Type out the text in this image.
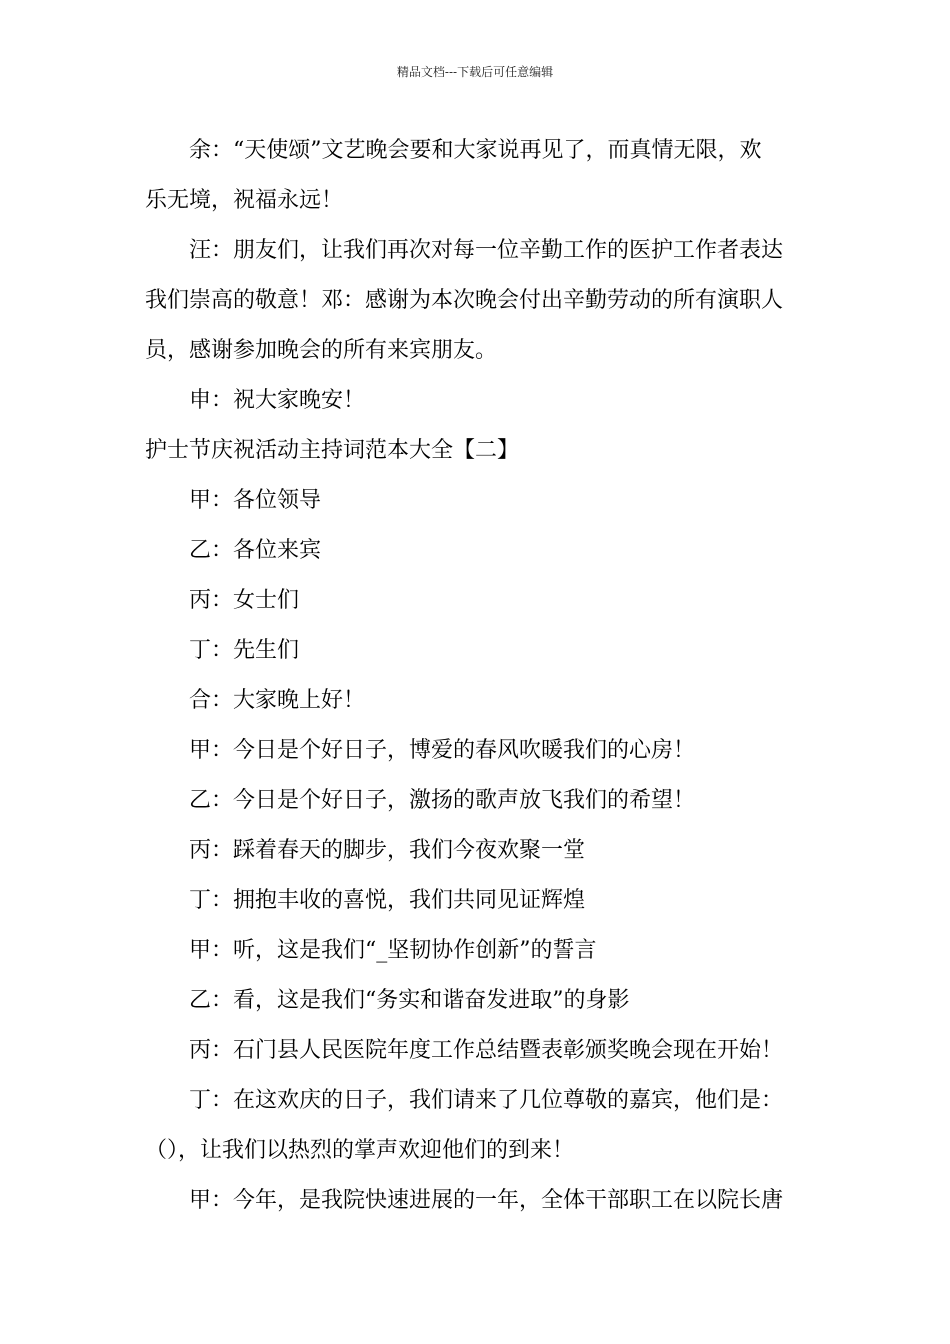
精品文档---下载后可任意编辑

余：“天使颂”文艺晚会要和大家说再见了，而真情无限，欢
乐无境，祝福永远！

汪：朋友们，让我们再次对每一位辛勤工作的医护工作者表达
我们崇高的敬意！邓：感谢为本次晚会付出辛勤劳动的所有演职人
员，感谢参加晚会的所有来宾朋友。

申：祝大家晚安！

护士节庆祝活动主持词范本大全【二】

甲：各位领导

乙：各位来宾

丙：女士们

丁：先生们

合：大家晚上好！

甲：今日是个好日子，博爱的春风吹暖我们的心房！

乙：今日是个好日子，激扬的歌声放飞我们的希望！

丙：踩着春天的脚步，我们今夜欢聚一堂

丁：拥抱丰收的喜悦，我们共同见证辉煌

甲：听，这是我们“_坚韧协作创新”的誓言

乙：看，这是我们“务实和谐奋发进取”的身影

丙：石门县人民医院年度工作总结暨表彰颁奖晚会现在开始！

丁：在这欢庆的日子，我们请来了几位尊敬的嘉宾，他们是：
（），让我们以热烈的掌声欢迎他们的到来！

甲：今年，是我院快速进展的一年，全体干部职工在以院长唐
